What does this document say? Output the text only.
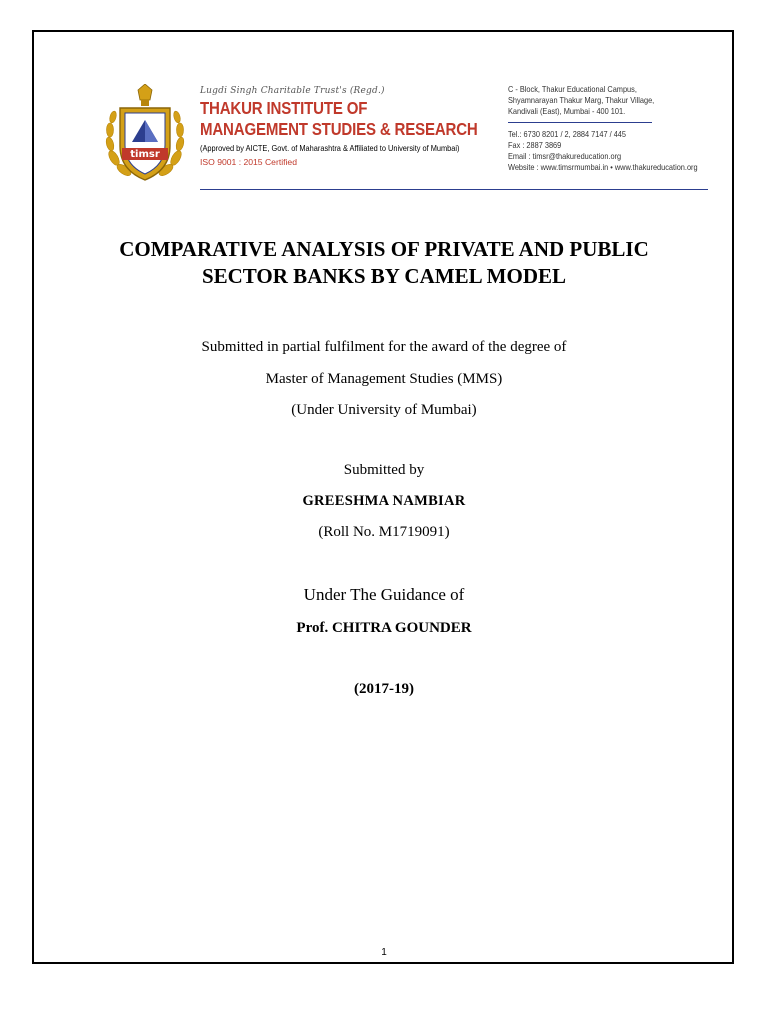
timsr
Lugdi Singh Charitable Trust's (Regd.)
THAKUR INSTITUTE OF
MANAGEMENT STUDIES & RESEARCH
(Approved by AICTE, Govt. of Maharashtra & Affiliated to University of Mumbai)
ISO 9001 : 2015 Certified
C - Block, Thakur Educational Campus,
Shyamnarayan Thakur Marg, Thakur Village,
Kandivali (East), Mumbai - 400 101.
Tel.: 6730 8201 / 2, 2884 7147 / 445
Fax : 2887 3869
Email : timsr@thakureducation.org
Website : www.timsrmumbai.in • www.thakureducation.org
COMPARATIVE ANALYSIS OF PRIVATE AND PUBLIC
SECTOR BANKS BY CAMEL MODEL
Submitted in partial fulfilment for the award of the degree of
Master of Management Studies (MMS)
(Under University of Mumbai)
Submitted by
GREESHMA NAMBIAR
(Roll No. M1719091)
Under The Guidance of
Prof. CHITRA GOUNDER
(2017-19)
1
